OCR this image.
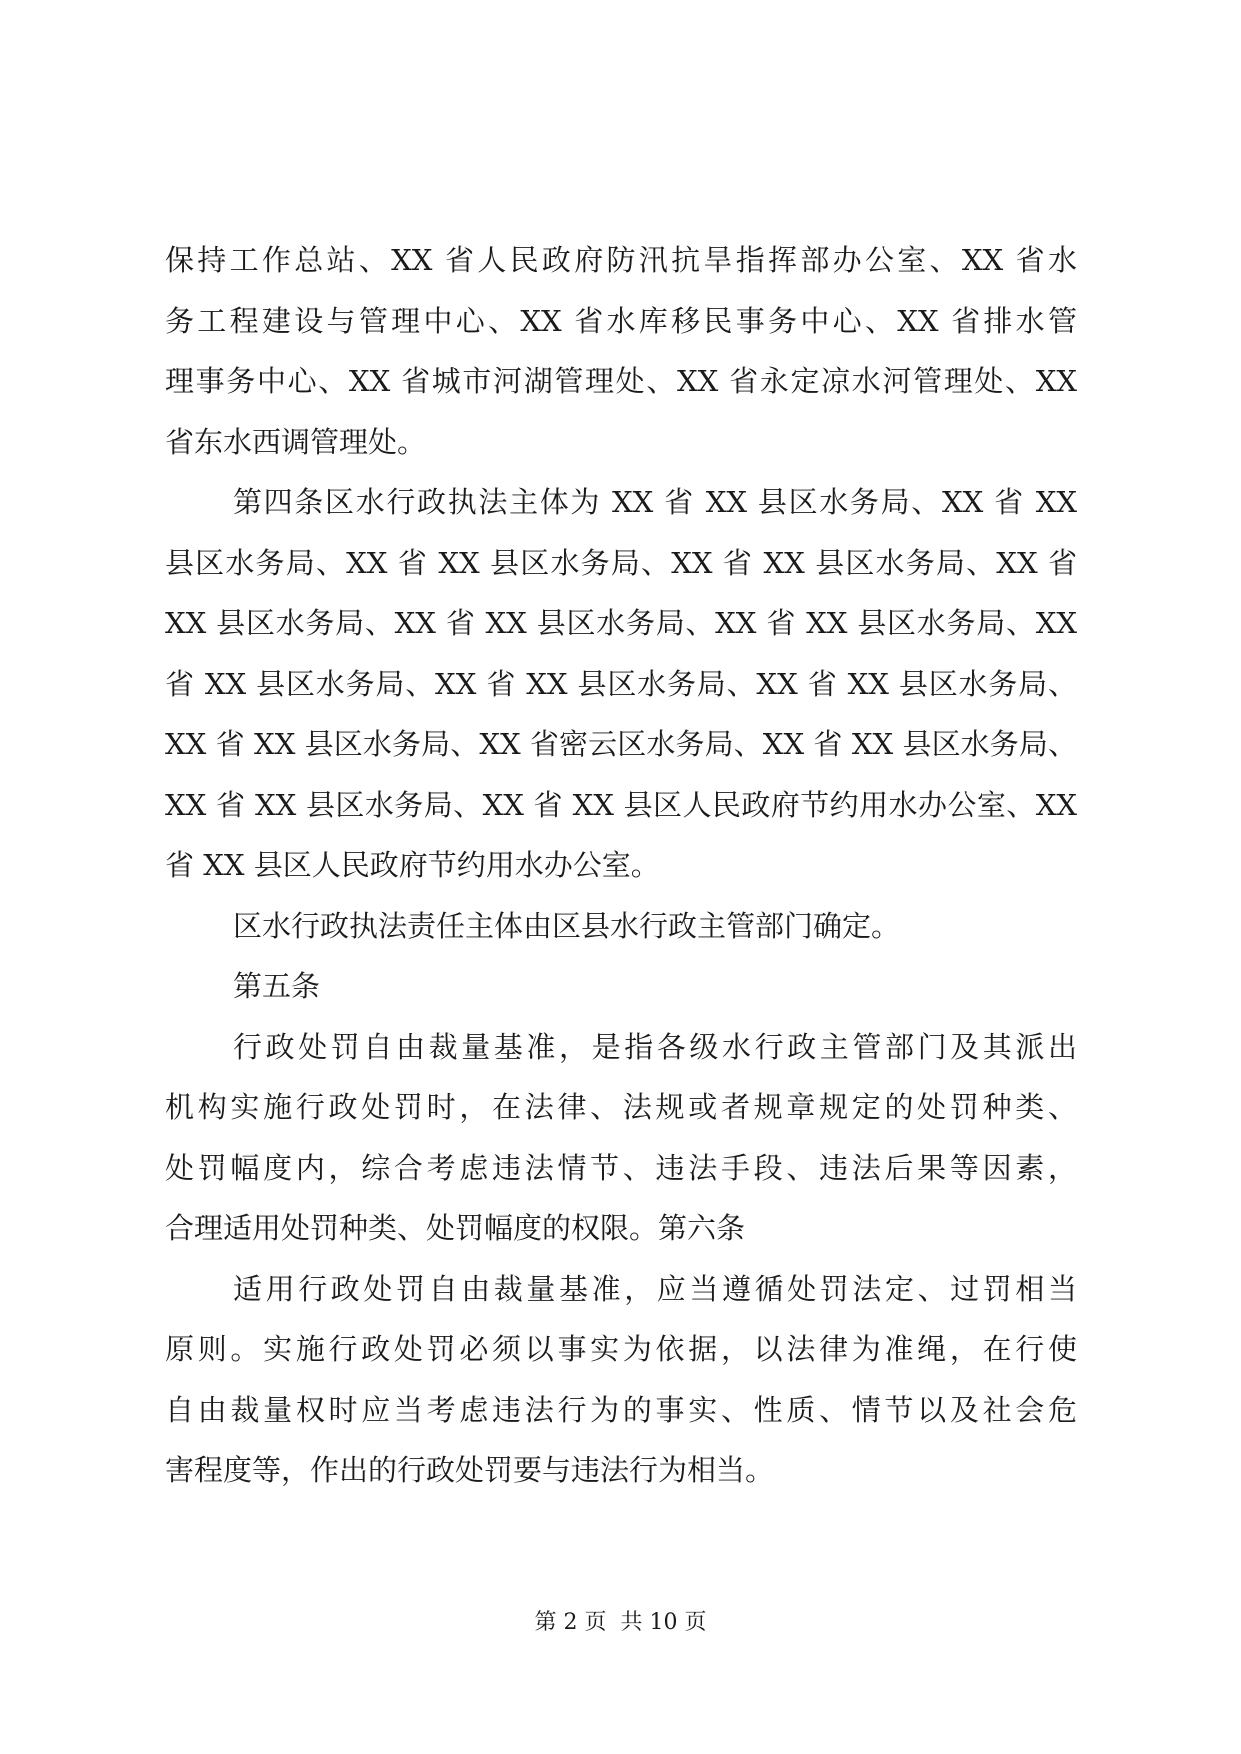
保持工作总站、XX 省人民政府防汛抗旱指挥部办公室、XX 省水
务工程建设与管理中心、XX 省水库移民事务中心、XX 省排水管
理事务中心、XX 省城市河湖管理处、XX 省永定凉水河管理处、XX
省东水西调管理处。
第四条区水行政执法主体为 XX 省 XX 县区水务局、XX 省 XX
县区水务局、XX 省 XX 县区水务局、XX 省 XX 县区水务局、XX 省
XX 县区水务局、XX 省 XX 县区水务局、XX 省 XX 县区水务局、XX
省 XX 县区水务局、XX 省 XX 县区水务局、XX 省 XX 县区水务局、
XX 省 XX 县区水务局、XX 省密云区水务局、XX 省 XX 县区水务局、
XX 省 XX 县区水务局、XX 省 XX 县区人民政府节约用水办公室、XX
省 XX 县区人民政府节约用水办公室。
区水行政执法责任主体由区县水行政主管部门确定。
第五条
行政处罚自由裁量基准，是指各级水行政主管部门及其派出
机构实施行政处罚时，在法律、法规或者规章规定的处罚种类、
处罚幅度内，综合考虑违法情节、违法手段、违法后果等因素，
合理适用处罚种类、处罚幅度的权限。第六条
适用行政处罚自由裁量基准，应当遵循处罚法定、过罚相当
原则。实施行政处罚必须以事实为依据，以法律为准绳，在行使
自由裁量权时应当考虑违法行为的事实、性质、情节以及社会危
害程度等，作出的行政处罚要与违法行为相当。
第 2 页  共 10 页
